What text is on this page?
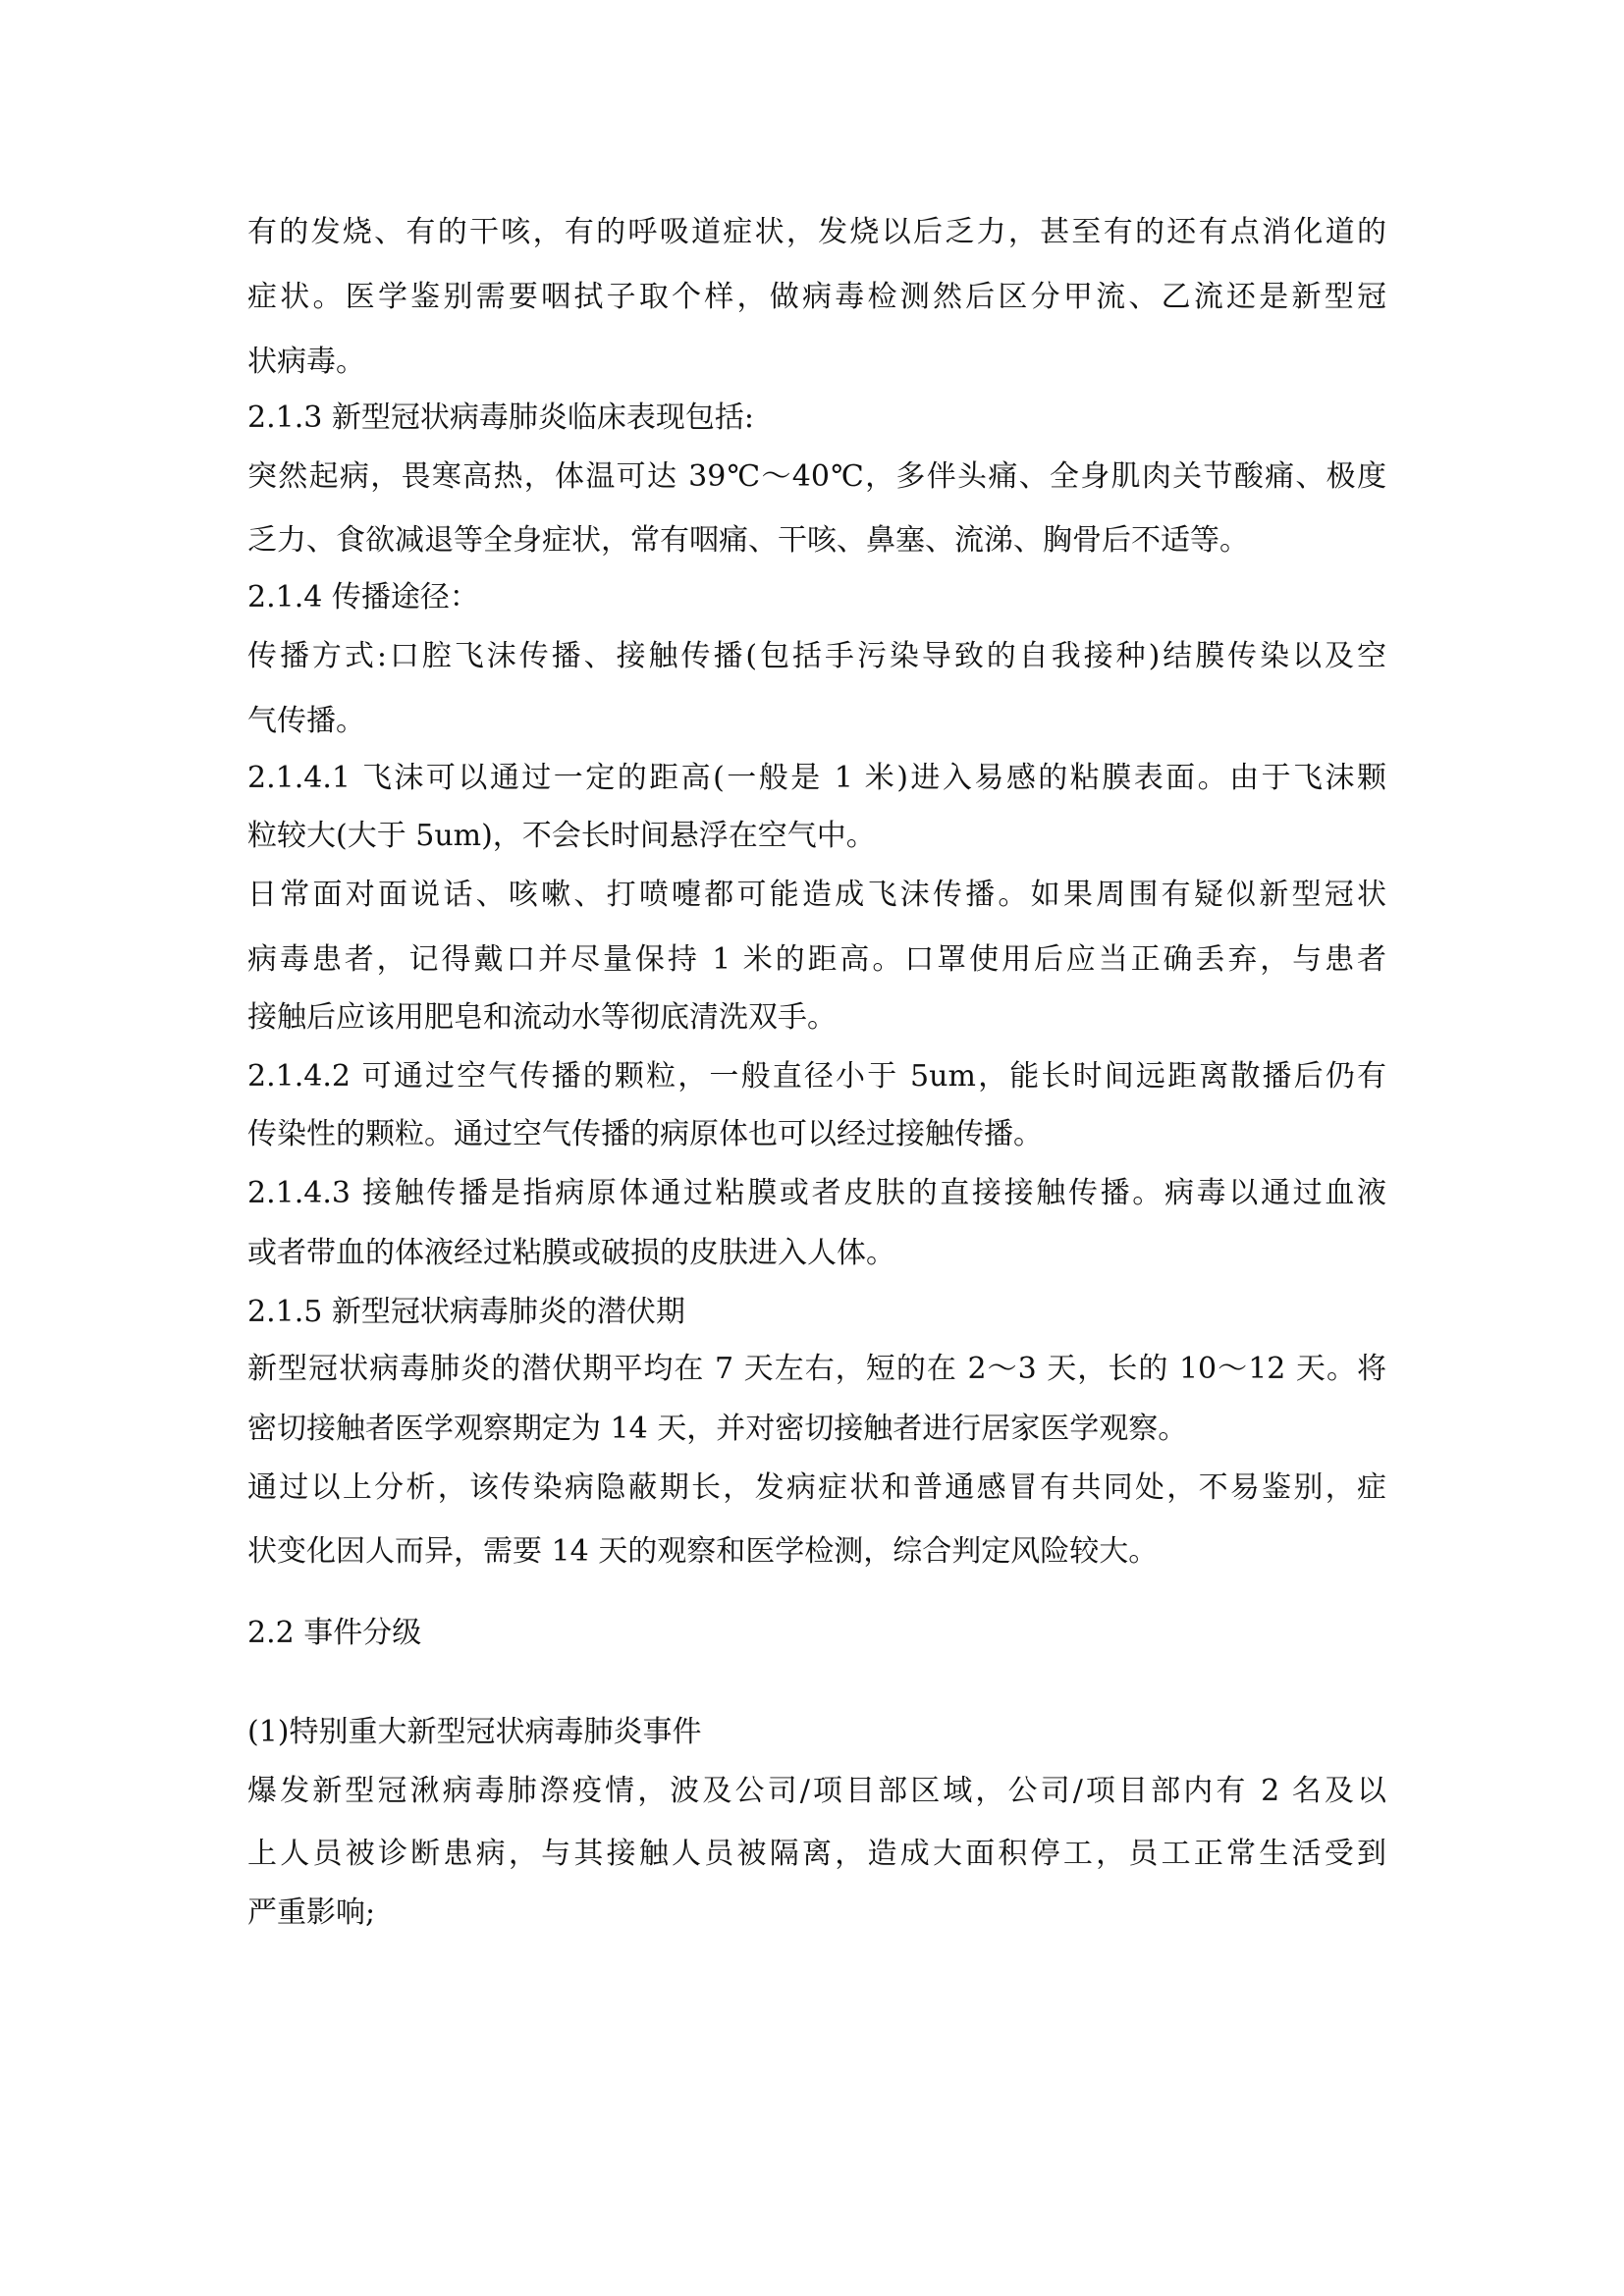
有的发烧、有的干咳，有的呼吸道症状，发烧以后乏力，甚至有的还有点消化道的
症状。医学鉴别需要咽拭子取个样，做病毒检测然后区分甲流、乙流还是新型冠
状病毒。
2.1.3 新型冠状病毒肺炎临床表现包括:
突然起病，畏寒高热，体温可达 39℃～40℃，多伴头痛、全身肌肉关节酸痛、极度
乏力、食欲减退等全身症状，常有咽痛、干咳、鼻塞、流涕、胸骨后不适等。
2.1.4 传播途径：
传播方式:口腔飞沫传播、接触传播(包括手污染导致的自我接种)结膜传染以及空
气传播。
2.1.4.1 飞沫可以通过一定的距高(一般是 1 米)进入易感的粘膜表面。由于飞沫颗
粒较大(大于 5um)，不会长时间悬浮在空气中。
日常面对面说话、咳嗽、打喷嚏都可能造成飞沫传播。如果周围有疑似新型冠状
病毒患者，记得戴口并尽量保持 1 米的距高。口罩使用后应当正确丢弃，与患者
接触后应该用肥皂和流动水等彻底清洗双手。
2.1.4.2 可通过空气传播的颗粒，一般直径小于 5um，能长时间远距离散播后仍有
传染性的颗粒。通过空气传播的病原体也可以经过接触传播。
2.1.4.3 接触传播是指病原体通过粘膜或者皮肤的直接接触传播。病毒以通过血液
或者带血的体液经过粘膜或破损的皮肤进入人体。
2.1.5 新型冠状病毒肺炎的潜伏期
新型冠状病毒肺炎的潜伏期平均在 7 天左右，短的在 2～3 天，长的 10～12 天。将
密切接触者医学观察期定为 14 天，并对密切接触者进行居家医学观察。
通过以上分析，该传染病隐蔽期长，发病症状和普通感冒有共同处，不易鉴别，症
状变化因人而异，需要 14 天的观察和医学检测，综合判定风险较大。
2.2 事件分级
(1)特别重大新型冠状病毒肺炎事件
爆发新型冠湫病毒肺漈疫情，波及公司/项目部区域，公司/项目部内有 2 名及以
上人员被诊断患病，与其接触人员被隔离，造成大面积停工，员工正常生活受到
严重影响;
